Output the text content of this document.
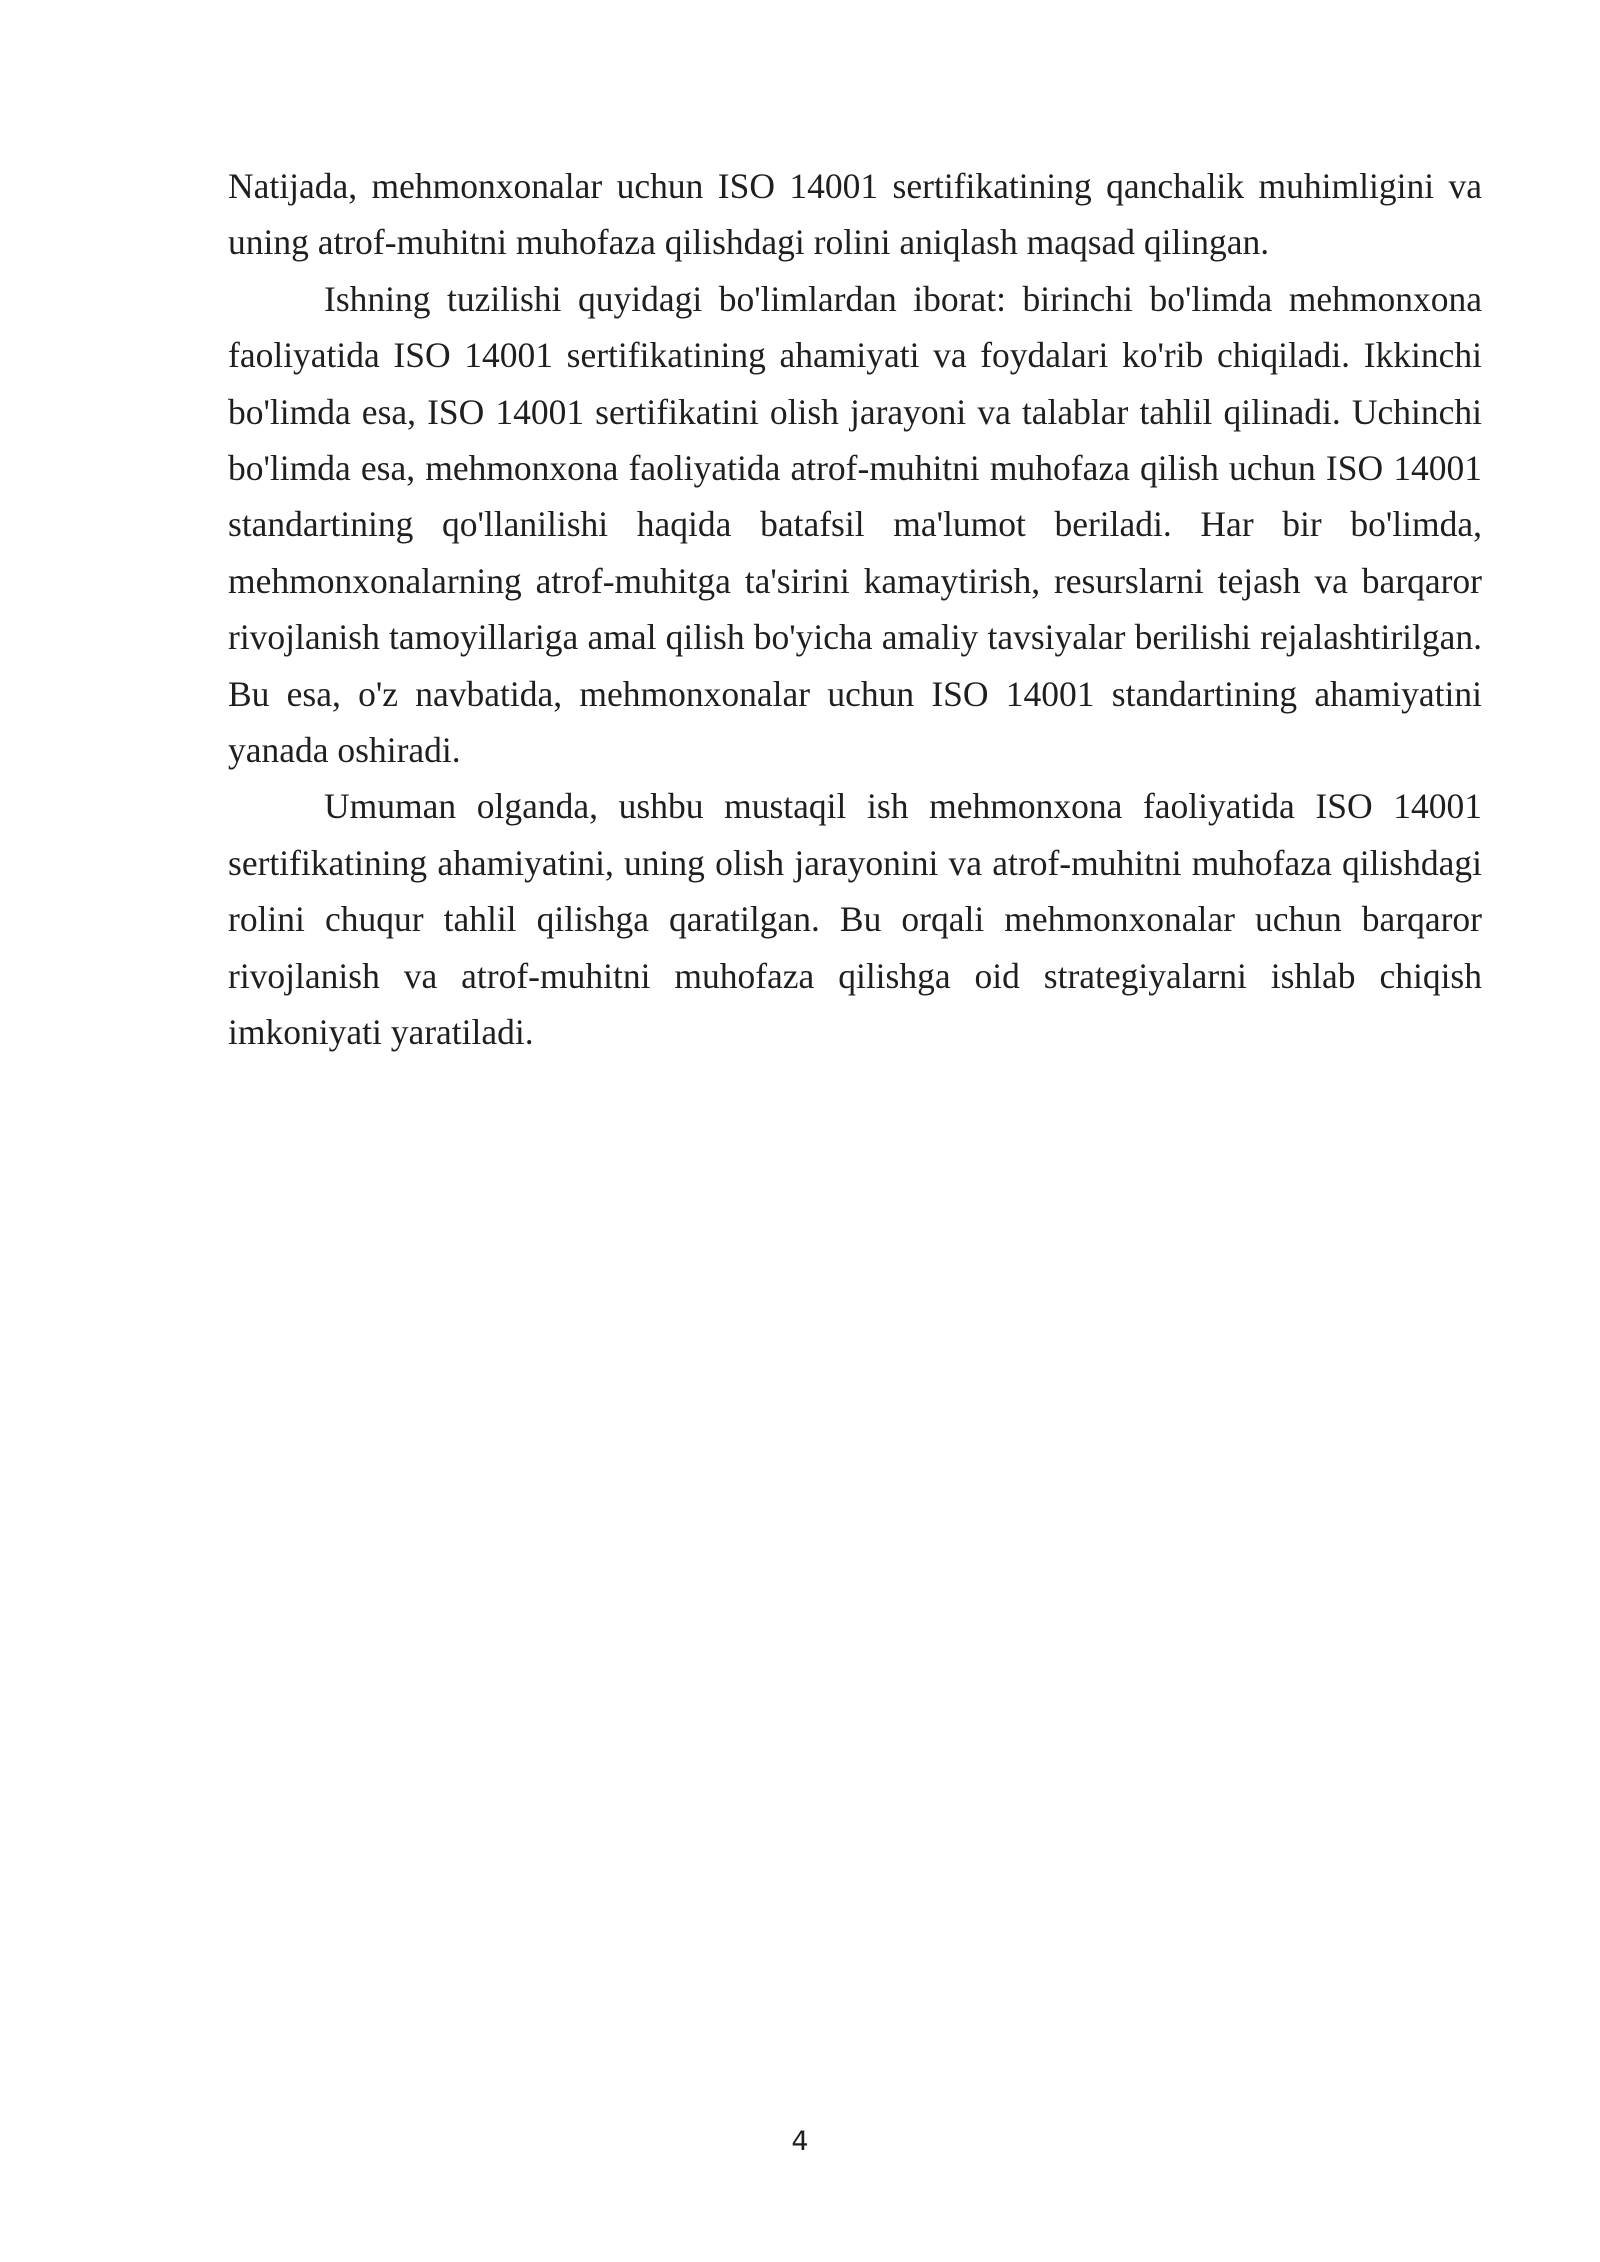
Natijada, mehmonxonalar uchun ISO 14001 sertifikatining qanchalik muhimligini va uning atrof-muhitni muhofaza qilishdagi rolini aniqlash maqsad qilingan.

Ishning tuzilishi quyidagi bo'limlardan iborat: birinchi bo'limda mehmonxona faoliyatida ISO 14001 sertifikatining ahamiyati va foydalari ko'rib chiqiladi. Ikkinchi bo'limda esa, ISO 14001 sertifikatini olish jarayoni va talablar tahlil qilinadi. Uchinchi bo'limda esa, mehmonxona faoliyatida atrof-muhitni muhofaza qilish uchun ISO 14001 standartining qo'llanilishi haqida batafsil ma'lumot beriladi. Har bir bo'limda, mehmonxonalarning atrof-muhitga ta'sirini kamaytirish, resurslarni tejash va barqaror rivojlanish tamoyillariga amal qilish bo'yicha amaliy tavsiyalar berilishi rejalashtirilgan. Bu esa, o'z navbatida, mehmonxonalar uchun ISO 14001 standartining ahamiyatini yanada oshiradi.

Umuman olganda, ushbu mustaqil ish mehmonxona faoliyatida ISO 14001 sertifikatining ahamiyatini, uning olish jarayonini va atrof-muhitni muhofaza qilishdagi rolini chuqur tahlil qilishga qaratilgan. Bu orqali mehmonxonalar uchun barqaror rivojlanish va atrof-muhitni muhofaza qilishga oid strategiyalarni ishlab chiqish imkoniyati yaratiladi.

4
